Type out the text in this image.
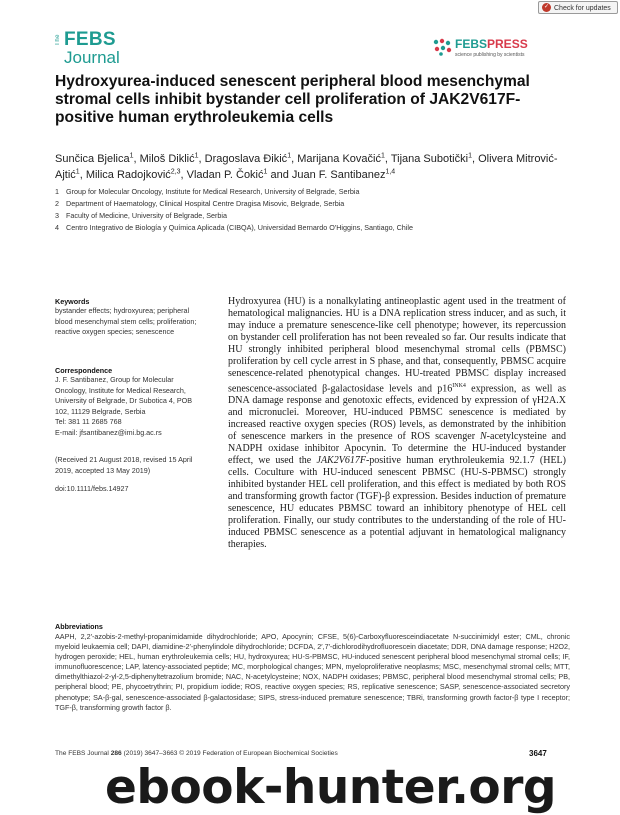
✓ Check for updates
The FEBS
Journal
FEBSPRESS
science publishing by scientists
Hydroxyurea-induced senescent peripheral blood mesenchymal stromal cells inhibit bystander cell proliferation of JAK2V617F-positive human erythroleukemia cells
Sunčica Bjelica$^1$, Miloš Diklić$^1$, Dragoslava Đikić$^1$, Marijana Kovačić$^1$, Tijana Subotički$^1$, Olivera Mitrović-Ajtić$^1$, Milica Radojković$^{2,3}$, Vladan P. Čokić$^1$ and Juan F. Santibanez$^{1,4}$
1 Group for Molecular Oncology, Institute for Medical Research, University of Belgrade, Serbia
2 Department of Haematology, Clinical Hospital Centre Dragisa Misovic, Belgrade, Serbia
3 Faculty of Medicine, University of Belgrade, Serbia
4 Centro Integrativo de Biología y Química Aplicada (CIBQA), Universidad Bernardo O'Higgins, Santiago, Chile
Keywords
bystander effects; hydroxyurea; peripheral blood mesenchymal stem cells; proliferation; reactive oxygen species; senescence
Correspondence
J. F. Santibanez, Group for Molecular Oncology, Institute for Medical Research, University of Belgrade, Dr Subotica 4, POB 102, 11129 Belgrade, Serbia
Tel: 381 11 2685 768
E-mail: jfsantibanez@imi.bg.ac.rs
(Received 21 August 2018, revised 15 April 2019, accepted 13 May 2019)
doi:10.1111/febs.14927
Hydroxyurea (HU) is a nonalkylating antineoplastic agent used in the treatment of hematological malignancies. HU is a DNA replication stress inducer, and as such, it may induce a premature senescence-like cell phenotype; however, its repercussion on bystander cell proliferation has not been revealed so far. Our results indicate that HU strongly inhibited peripheral blood mesenchymal stromal cells (PBMSC) proliferation by cell cycle arrest in S phase, and that, consequently, PBMSC acquire senescence-related phenotypical changes. HU-treated PBMSC display increased senescence-associated β-galactosidase levels and $p16^{INK4}$ expression, as well as DNA damage response and genotoxic effects, evidenced by expression of γH2A.X and micronuclei. Moreover, HU-induced PBMSC senescence is mediated by increased reactive oxygen species (ROS) levels, as demonstrated by the inhibition of senescence markers in the presence of ROS scavenger N-acetylcysteine and NADPH oxidase inhibitor Apocynin. To determine the HU-induced bystander effect, we used the JAK2V617F-positive human erythroleukemia 92.1.7 (HEL) cells. Coculture with HU-induced senescent PBMSC (HU-S-PBMSC) strongly inhibited bystander HEL cell proliferation, and this effect is mediated by both ROS and transforming growth factor (TGF)-β expression. Besides induction of premature senescence, HU educates PBMSC toward an inhibitory phenotype of HEL cell proliferation. Finally, our study contributes to the understanding of the role of HU-induced PBMSC senescence as a potential adjuvant in hematological malignancy therapies.
Abbreviations
AAPH, 2,2′-azobis-2-methyl-propanimidamide dihydrochloride; APO, Apocynin; CFSE, 5(6)-Carboxyfluoresceindiacetate N-succinimidyl ester; CML, chronic myeloid leukaemia cell; DAPI, diamidine-2′-phenylindole dihydrochloride; DCFDA, 2′,7′-dichlorodihydrofluorescein diacetate; DDR, DNA damage response; H2O2, hydrogen peroxide; HEL, human erythroleukemia cells; HU, hydroxyurea; HU-S-PBMSC, HU-induced senescent peripheral blood mesenchymal stromal cells; IF, immunofluorescence; LAP, latency-associated peptide; MC, morphological changes; MPN, myeloproliferative neoplasms; MSC, mesenchymal stromal cells; MTT, dimethylthiazol-2-yl-2,5-diphenyltetrazolium bromide; NAC, N-acetylcysteine; NOX, NADPH oxidases; PBMSC, peripheral blood mesenchymal stromal cells; PB, peripheral blood; PE, phycoetrythrin; PI, propidium iodide; ROS, reactive oxygen species; RS, replicative senescence; SASP, senescence-associated secretory phenotype; SA-β-gal, senescence-associated β-galactosidase; SIPS, stress-induced premature senescence; TBRi, transforming growth factor-β type I receptor; TGF-β, transforming growth factor β.
The FEBS Journal 286 (2019) 3647–3663 © 2019 Federation of European Biochemical Societies	3647
ebook-hunter.org
